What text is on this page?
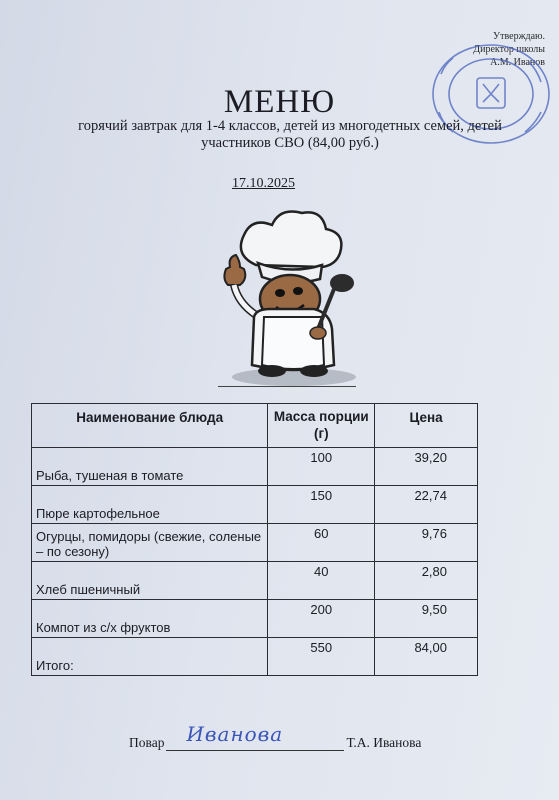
Утверждаю.
Директор школы
А.М. Иванов
МЕНЮ
горячий завтрак для 1-4 классов, детей из многодетных семей, детей
участников СВО (84,00 руб.)
17.10.2025
Наименование блюда	Масса порции (г)	Цена
Рыба, тушеная в томате	100	39,20
Пюре картофельное	150	22,74
Огурцы, помидоры (свежие, соленые – по сезону)	60	9,76
Хлеб пшеничный	40	2,80
Компот из с/х фруктов	200	9,50
Итого:	550	84,00
Повар Иванова	Т.А. Иванова
